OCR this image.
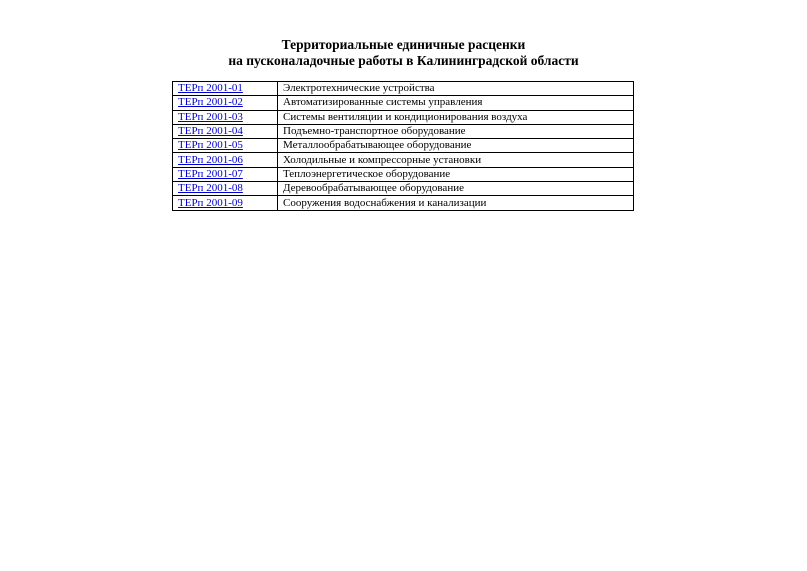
Территориальные единичные расценки
на пусконаладочные работы в Калининградской области
ТЕРп 2001-01	Электротехнические устройства
ТЕРп 2001-02	Автоматизированные системы управления
ТЕРп 2001-03	Системы вентиляции и кондиционирования воздуха
ТЕРп 2001-04	Подъемно-транспортное оборудование
ТЕРп 2001-05	Металлообрабатывающее оборудование
ТЕРп 2001-06	Холодильные и компрессорные установки
ТЕРп 2001-07	Теплоэнергетическое оборудование
ТЕРп 2001-08	Деревообрабатывающее оборудование
ТЕРп 2001-09	Сооружения водоснабжения и канализации
